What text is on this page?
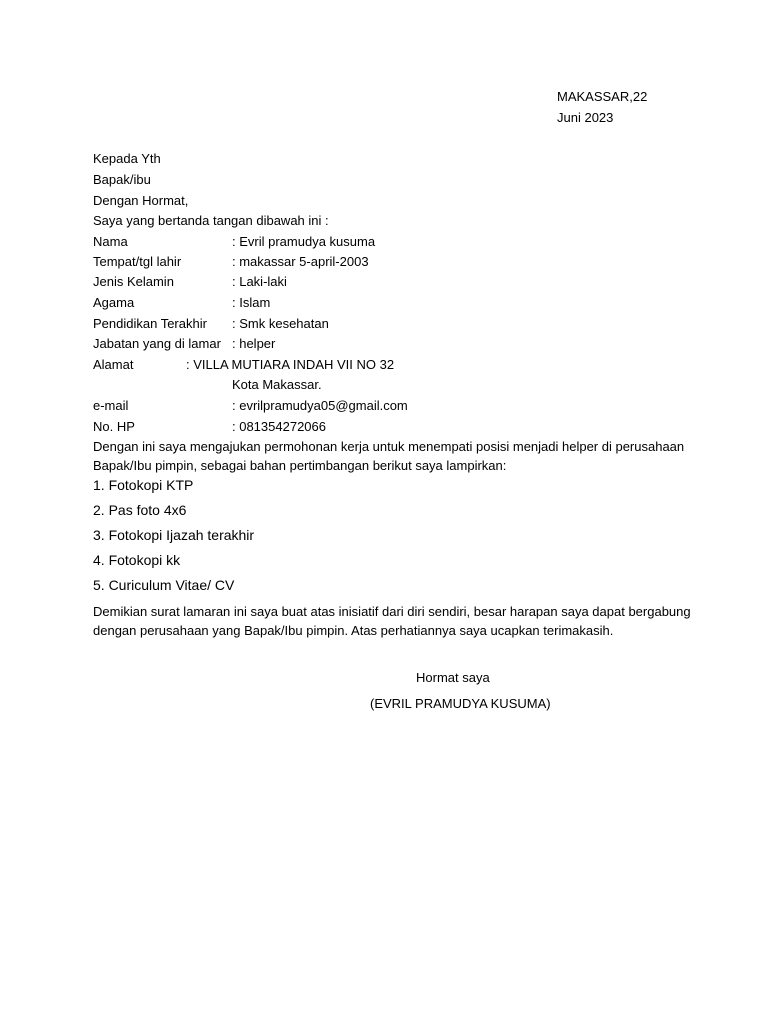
MAKASSAR,22
Juni 2023
Kepada Yth
Bapak/ibu
Dengan Hormat,
Saya yang bertanda tangan dibawah ini :
Nama	: Evril pramudya kusuma
Tempat/tgl lahir	: makassar 5-april-2003
Jenis Kelamin	: Laki-laki
Agama	: Islam
Pendidikan Terakhir : Smk kesehatan
Jabatan yang di lamar : helper
Alamat	: VILLA MUTIARA INDAH VII NO 32
Kota Makassar.
e-mail	: evrilpramudya05@gmail.com
No. HP	: 081354272066
Dengan ini saya mengajukan permohonan kerja untuk menempati posisi menjadi helper di perusahaan Bapak/Ibu pimpin, sebagai bahan pertimbangan berikut saya lampirkan:
1. Fotokopi KTP
2. Pas foto 4x6
3. Fotokopi Ijazah terakhir
4. Fotokopi kk
5. Curiculum Vitae/ CV
Demikian surat lamaran ini saya buat atas inisiatif dari diri sendiri, besar harapan saya dapat bergabung dengan perusahaan yang Bapak/Ibu pimpin. Atas perhatiannya saya ucapkan terimakasih.
Hormat saya
(EVRIL PRAMUDYA KUSUMA)
